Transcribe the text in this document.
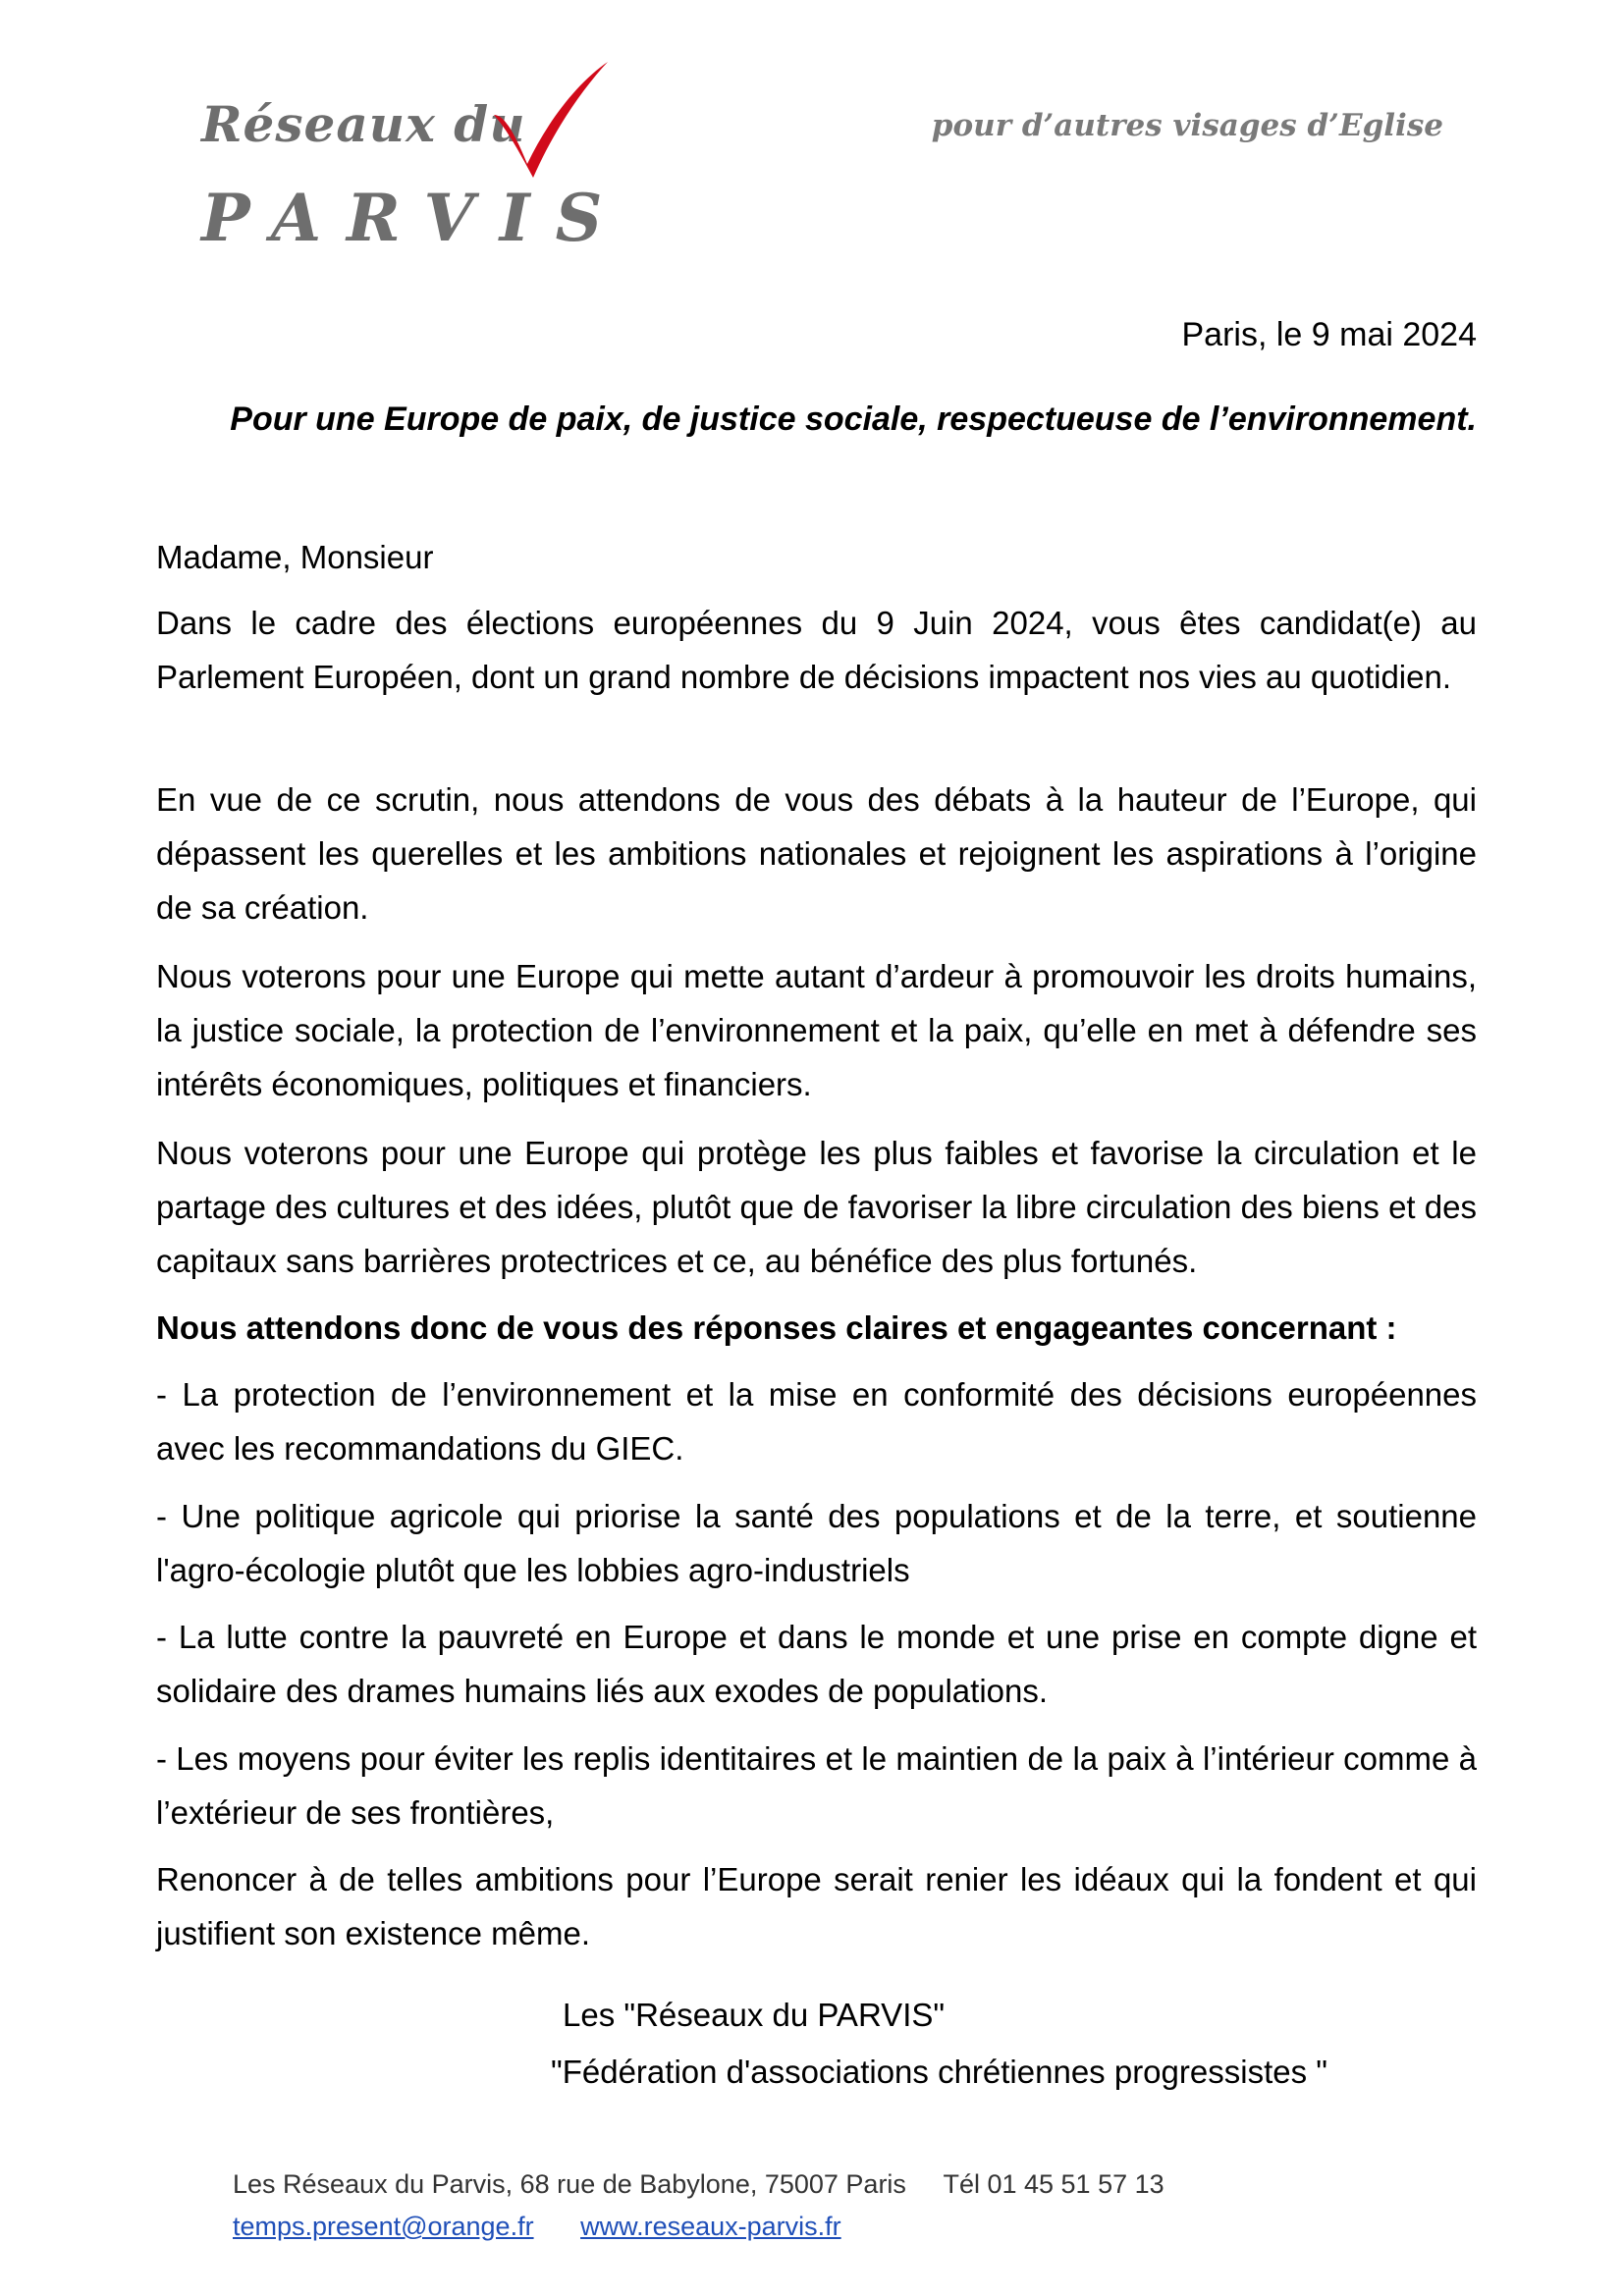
Réseaux du
PARVIS
pour d’autres visages d’Eglise
Paris, le 9 mai 2024
Pour une Europe de paix, de justice sociale, respectueuse de l’environnement.
Madame, Monsieur

Dans le cadre des élections européennes du 9 Juin 2024, vous êtes candidat(e) au Parlement Européen, dont un grand nombre de décisions impactent nos vies au quotidien.

En vue de ce scrutin, nous attendons de vous des débats à la hauteur de l’Europe, qui dépassent les querelles et les ambitions nationales et rejoignent les aspirations à l’origine de sa création.

Nous voterons pour une Europe qui mette autant d’ardeur à promouvoir les droits humains, la justice sociale, la protection de l’environnement et la paix, qu’elle en met à défendre ses intérêts économiques, politiques et financiers.

Nous voterons pour une Europe qui protège les plus faibles et favorise la circulation et le partage des cultures et des idées, plutôt que de favoriser la libre circulation des biens et des capitaux sans barrières protectrices et ce, au bénéfice des plus fortunés.

Nous attendons donc de vous des réponses claires et engageantes concernant :

- La protection de l’environnement et la mise en conformité des décisions européennes avec les recommandations du GIEC.

- Une politique agricole qui priorise la santé des populations et de la terre, et soutienne l'agro-écologie plutôt que les lobbies agro-industriels

- La lutte contre la pauvreté en Europe et dans le monde et une prise en compte digne et solidaire des drames humains liés aux exodes de populations.

- Les moyens pour éviter les replis identitaires et le maintien de la paix à l’intérieur comme à l’extérieur de ses frontières,

Renoncer à de telles ambitions pour l’Europe serait renier les idéaux qui la fondent et qui justifient son existence même.

Les "Réseaux du PARVIS"
"Fédération d'associations chrétiennes progressistes "
Les Réseaux du Parvis, 68 rue de Babylone, 75007 Paris Tél 01 45 51 57 13
temps.present@orange.fr www.reseaux-parvis.fr
